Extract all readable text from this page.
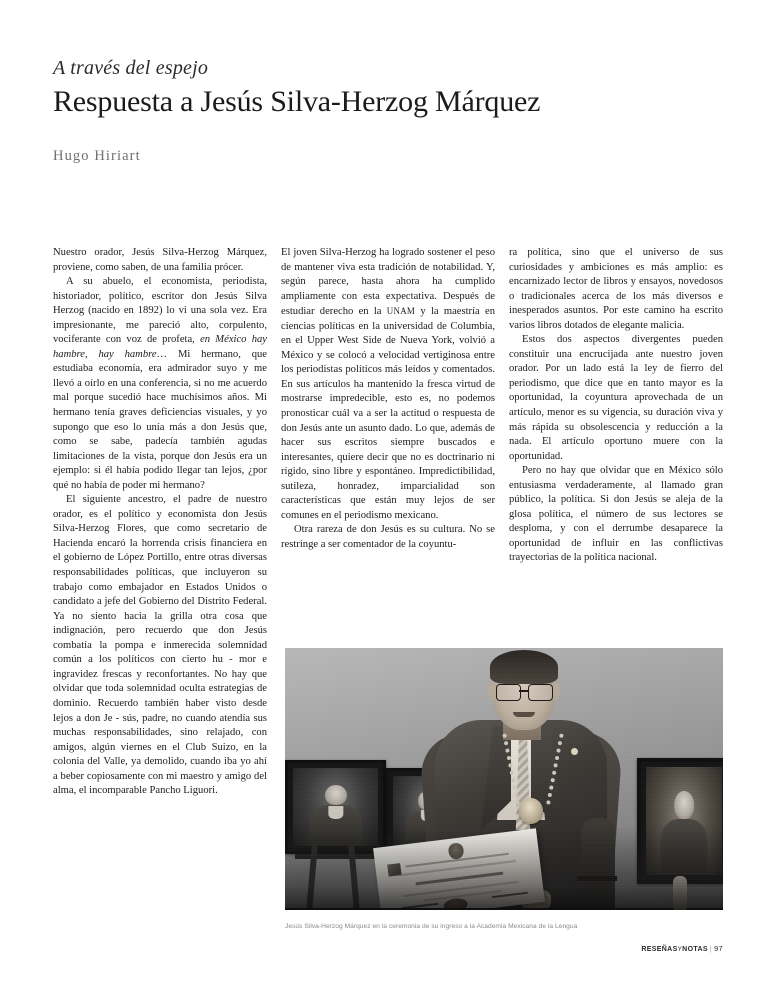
A través del espejo
Respuesta a Jesús Silva-Herzog Márquez
Hugo Hiriart

Nuestro orador, Jesús Silva-Herzog Márquez, proviene, como saben, de una familia prócer.

A su abuelo, el economista, periodista, historiador, político, escritor don Jesús Silva Herzog (nacido en 1892) lo vi una sola vez. Era impresionante, me pareció alto, corpulento, vociferante con voz de profeta, en México hay hambre, hay hambre… Mi hermano, que estudiaba economía, era admirador suyo y me llevó a oírlo en una conferencia, si no me acuerdo mal porque sucedió hace muchísimos años. Mi hermano tenía graves deficiencias visuales, y yo supongo que eso lo unía más a don Jesús que, como se sabe, padecía también agudas limitaciones de la vista, porque don Jesús era un ejemplo: si él había podido llegar tan lejos, ¿por qué no había de poder mi hermano?

El siguiente ancestro, el padre de nuestro orador, es el político y economista don Jesús Silva-Herzog Flores, que como secretario de Hacienda encaró la horrenda crisis financiera en el gobierno de López Portillo, entre otras diversas responsabilidades políticas, que incluyeron su trabajo como embajador en Estados Unidos o candidato a jefe del Gobierno del Distrito Federal. Ya no siento hacia la grilla otra cosa que indignación, pero recuerdo que don Jesús combatía la pompa e inmerecida solemnidad común a los políticos con cierto hu - mor e ingravidez frescas y reconfortantes. No hay que olvidar que toda solemnidad oculta estrategias de dominio. Recuerdo también haber visto desde lejos a don Je - sús, padre, no cuando atendía sus muchas responsabilidades, sino relajado, con amigos, algún viernes en el Club Suizo, en la colonia del Valle, ya demolido, cuando iba yo ahí a beber copiosamente con mi maestro y amigo del alma, el incomparable Pancho Liguori.

El joven Silva-Herzog ha logrado sostener el peso de mantener viva esta tradición de notabilidad. Y, según parece, hasta ahora ha cumplido ampliamente con esta expectativa. Después de estudiar derecho en la UNAM y la maestría en ciencias políticas en la universidad de Columbia, en el Upper West Side de Nueva York, volvió a México y se colocó a velocidad vertiginosa entre los periodistas políticos más leídos y comentados. En sus artículos ha mantenido la fresca virtud de mostrarse impredecible, esto es, no podemos pronosticar cuál va a ser la actitud o respuesta de don Jesús ante un asunto dado. Lo que, además de hacer sus escritos siempre buscados e interesantes, quiere decir que no es doctrinario ni rígido, sino libre y espontáneo. Impredictibilidad, sutileza, honradez, imparcialidad son características que están muy lejos de ser comunes en el periodismo mexicano.

Otra rareza de don Jesús es su cultura. No se restringe a ser comentador de la coyuntu-

ra política, sino que el universo de sus curiosidades y ambiciones es más amplio: es encarnizado lector de libros y ensayos, novedosos o tradicionales acerca de los más diversos e inesperados asuntos. Por este camino ha escrito varios libros dotados de elegante malicia.

Estos dos aspectos divergentes pueden constituir una encrucijada ante nuestro joven orador. Por un lado está la ley de fierro del periodismo, que dice que en tanto mayor es la oportunidad, la coyuntura aprovechada de un artículo, menor es su vigencia, su duración viva y más rápida su obsolescencia y reducción a la nada. El artículo oportuno muere con la oportunidad.

Pero no hay que olvidar que en México sólo entusiasma verdaderamente, al llamado gran público, la política. Si don Jesús se aleja de la glosa política, el número de sus lectores se desploma, y con el derrumbe desaparece la oportunidad de influir en las conflictivas trayectorias de la política nacional.

Jesús Silva-Herzog Márquez en la ceremonia de su ingreso a la Academia Mexicana de la Lengua
RESEÑASYNOTAS | 97
